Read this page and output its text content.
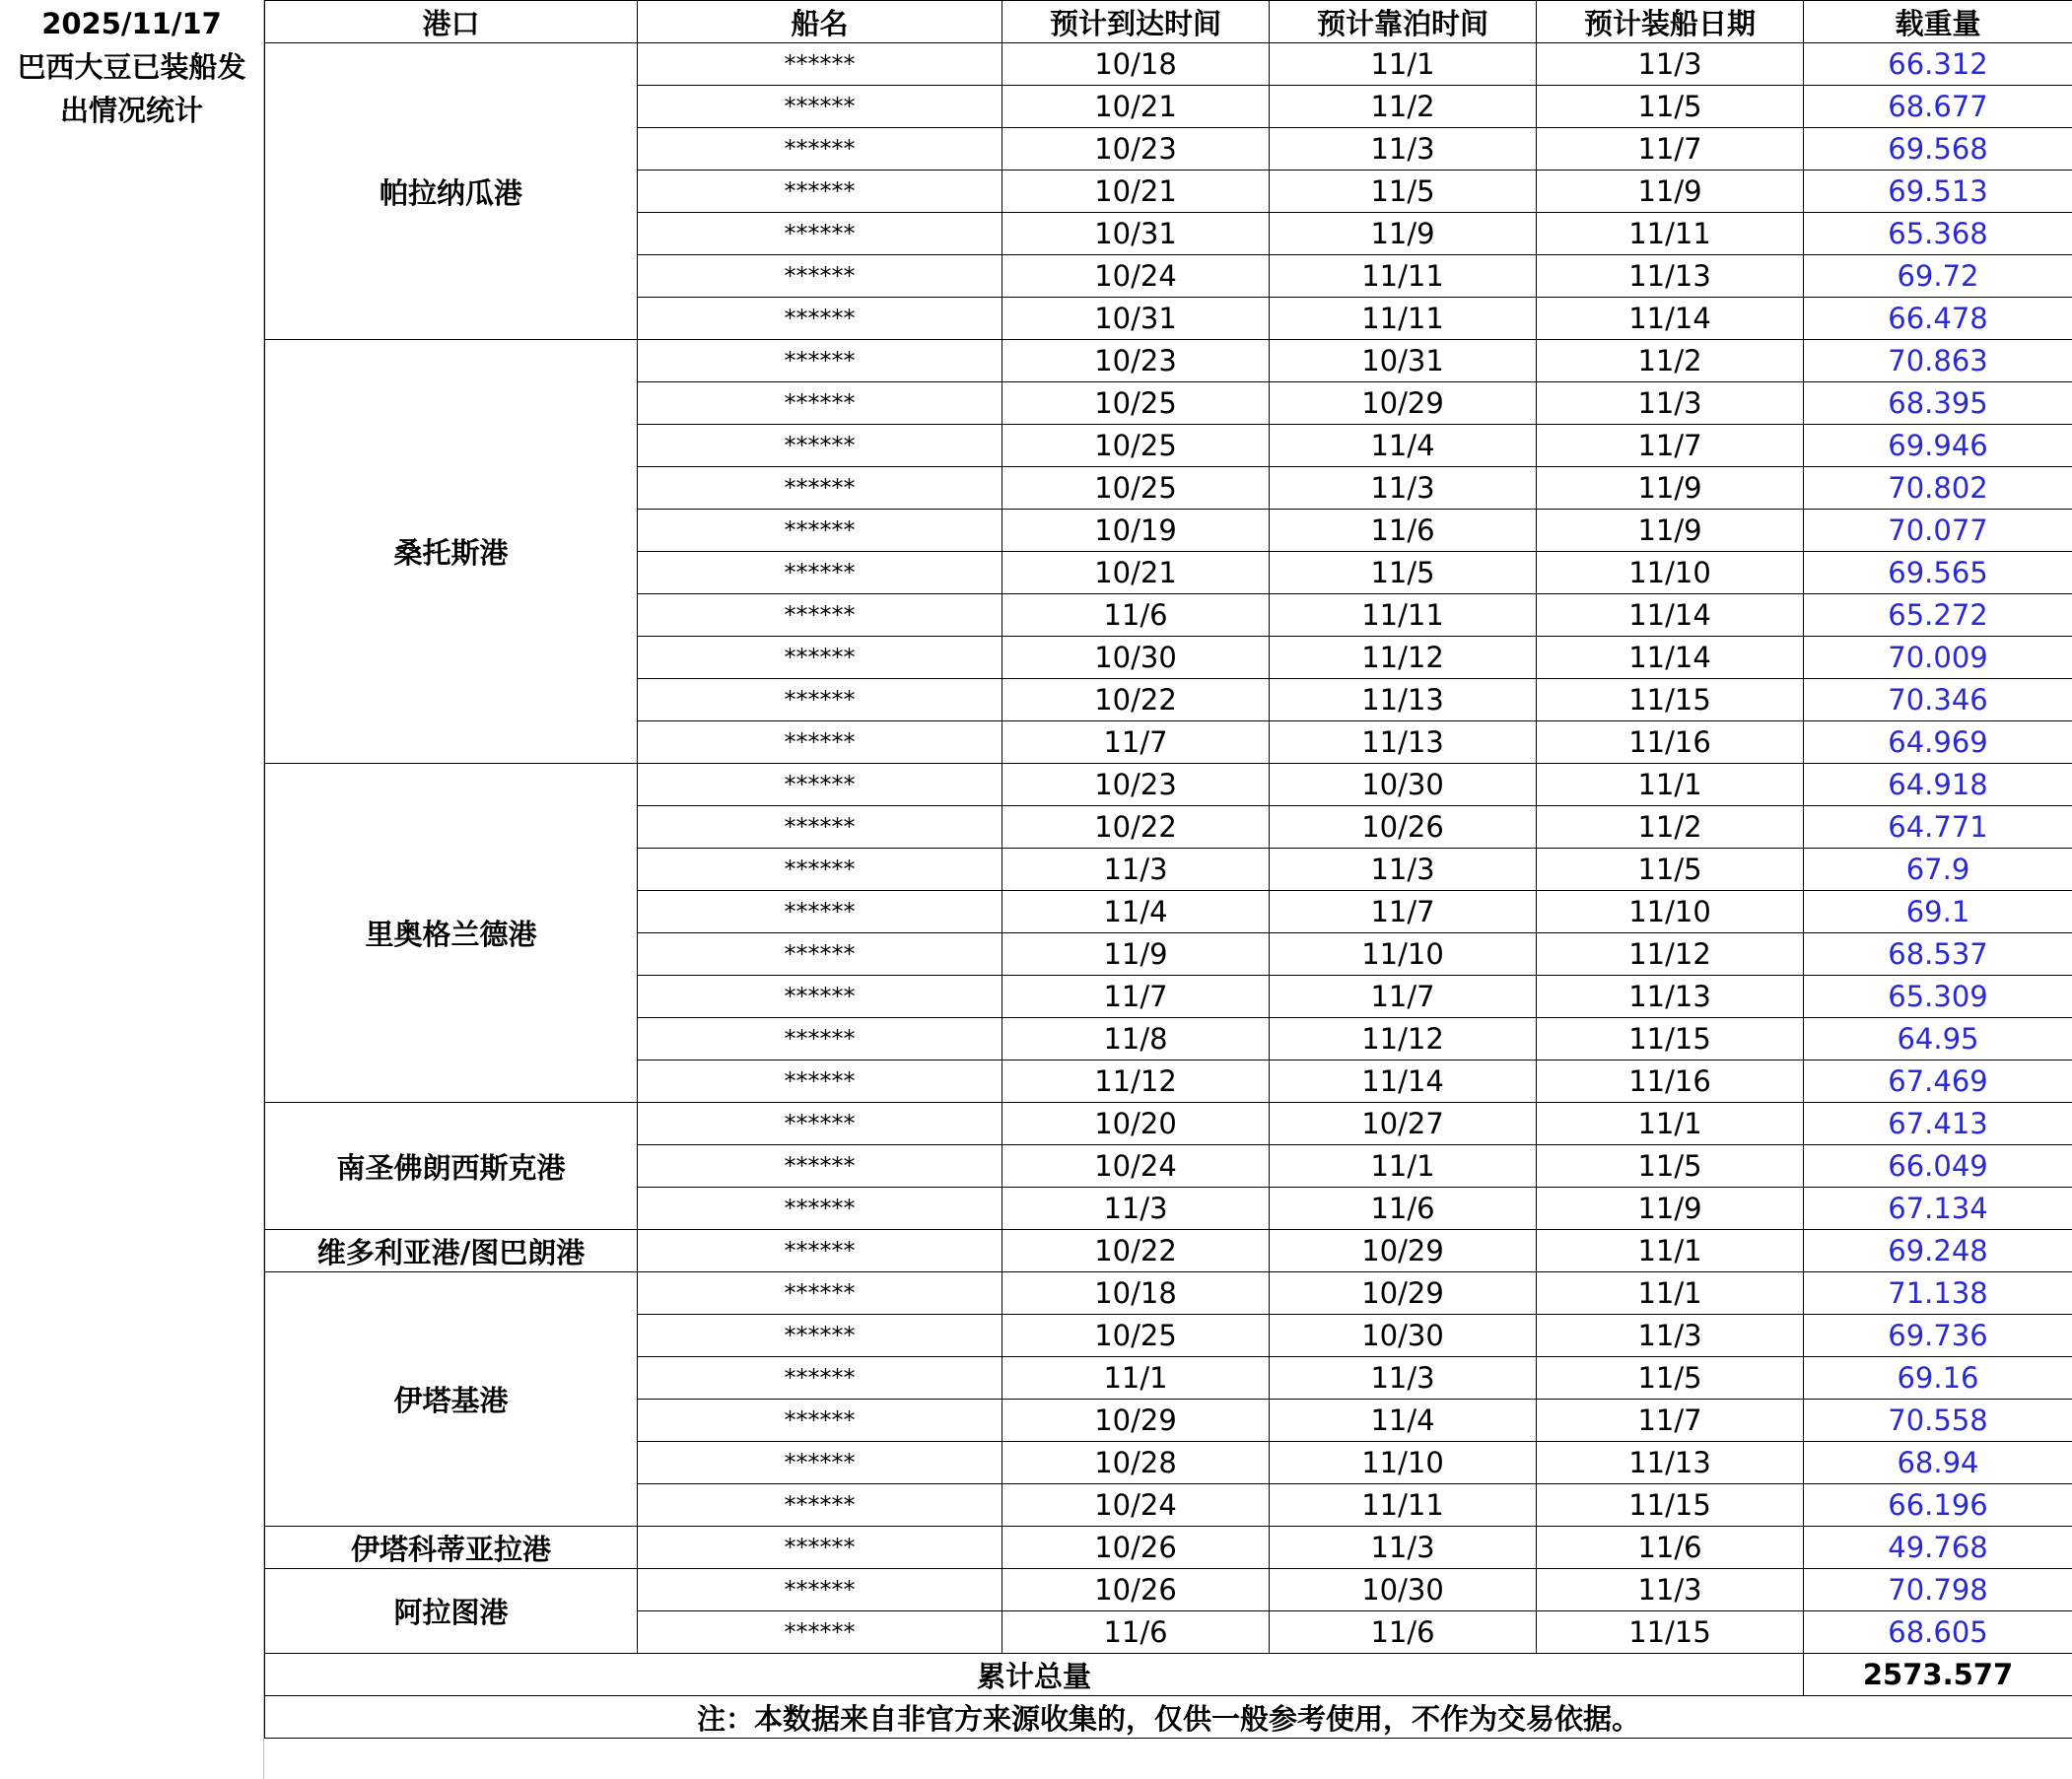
2025/11/17
巴西大豆已装船发
出情况统计
港口	船名	预计到达时间	预计靠泊时间	预计装船日期	载重量
帕拉纳瓜港	******	10/18	11/1	11/3	66.312
	******	10/21	11/2	11/5	68.677
	******	10/23	11/3	11/7	69.568
	******	10/21	11/5	11/9	69.513
	******	10/31	11/9	11/11	65.368
	******	10/24	11/11	11/13	69.72
	******	10/31	11/11	11/14	66.478
桑托斯港	******	10/23	10/31	11/2	70.863
	******	10/25	10/29	11/3	68.395
	******	10/25	11/4	11/7	69.946
	******	10/25	11/3	11/9	70.802
	******	10/19	11/6	11/9	70.077
	******	10/21	11/5	11/10	69.565
	******	11/6	11/11	11/14	65.272
	******	10/30	11/12	11/14	70.009
	******	10/22	11/13	11/15	70.346
	******	11/7	11/13	11/16	64.969
里奥格兰德港	******	10/23	10/30	11/1	64.918
	******	10/22	10/26	11/2	64.771
	******	11/3	11/3	11/5	67.9
	******	11/4	11/7	11/10	69.1
	******	11/9	11/10	11/12	68.537
	******	11/7	11/7	11/13	65.309
	******	11/8	11/12	11/15	64.95
	******	11/12	11/14	11/16	67.469
南圣佛朗西斯克港	******	10/20	10/27	11/1	67.413
	******	10/24	11/1	11/5	66.049
	******	11/3	11/6	11/9	67.134
维多利亚港/图巴朗港	******	10/22	10/29	11/1	69.248
伊塔基港	******	10/18	10/29	11/1	71.138
	******	10/25	10/30	11/3	69.736
	******	11/1	11/3	11/5	69.16
	******	10/29	11/4	11/7	70.558
	******	10/28	11/10	11/13	68.94
	******	10/24	11/11	11/15	66.196
伊塔科蒂亚拉港	******	10/26	11/3	11/6	49.768
阿拉图港	******	10/26	10/30	11/3	70.798
	******	11/6	11/6	11/15	68.605
累计总量					2573.577
注：本数据来自非官方来源收集的，仅供一般参考使用，不作为交易依据。					
